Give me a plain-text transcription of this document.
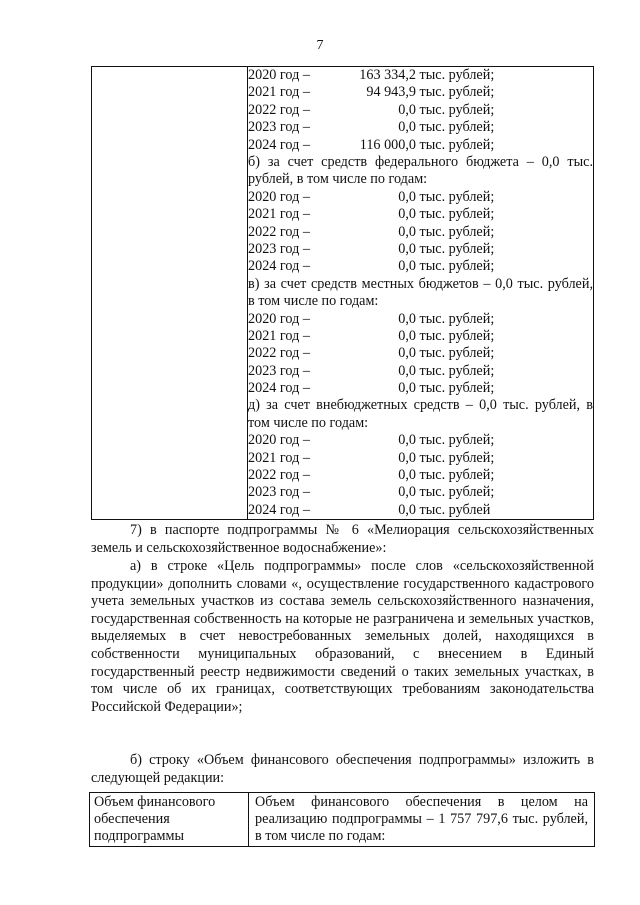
7

2020 год –	163 334,2 тыс. рублей;
2021 год –	94 943,9 тыс. рублей;
2022 год –	0,0 тыс. рублей;
2023 год –	0,0 тыс. рублей;
2024 год –	116 000,0 тыс. рублей;
б) за счет средств федерального бюджета – 0,0 тыс. рублей, в том числе по годам:
2020 год –	0,0 тыс. рублей;
2021 год –	0,0 тыс. рублей;
2022 год –	0,0 тыс. рублей;
2023 год –	0,0 тыс. рублей;
2024 год –	0,0 тыс. рублей;
в) за счет средств местных бюджетов – 0,0 тыс. рублей, в том числе по годам:
2020 год –	0,0 тыс. рублей;
2021 год –	0,0 тыс. рублей;
2022 год –	0,0 тыс. рублей;
2023 год –	0,0 тыс. рублей;
2024 год –	0,0 тыс. рублей;
д) за счет внебюджетных средств – 0,0 тыс. рублей, в том числе по годам:
2020 год –	0,0 тыс. рублей;
2021 год –	0,0 тыс. рублей;
2022 год –	0,0 тыс. рублей;
2023 год –	0,0 тыс. рублей;
2024 год –	0,0 тыс. рублей
7) в паспорте подпрограммы № 6 «Мелиорация сельскохозяйственных земель и сельскохозяйственное водоснабжение»:
а) в строке «Цель подпрограммы» после слов «сельскохозяйственной продукции» дополнить словами «, осуществление государственного кадастрового учета земельных участков из состава земель сельскохозяйственного назначения, государственная собственность на которые не разграничена и земельных участков, выделяемых в счет невостребованных земельных долей, находящихся в собственности муниципальных образований, с внесением в Единый государственный реестр недвижимости сведений о таких земельных участках, в том числе об их границах, соответствующих требованиям законодательства Российской Федерации»;
б) строку «Объем финансового обеспечения подпрограммы» изложить в следующей редакции:
Объем финансового обеспечения подпрограммы	Объем финансового обеспечения в целом на реализацию подпрограммы – 1 757 797,6 тыс. рублей, в том числе по годам:
